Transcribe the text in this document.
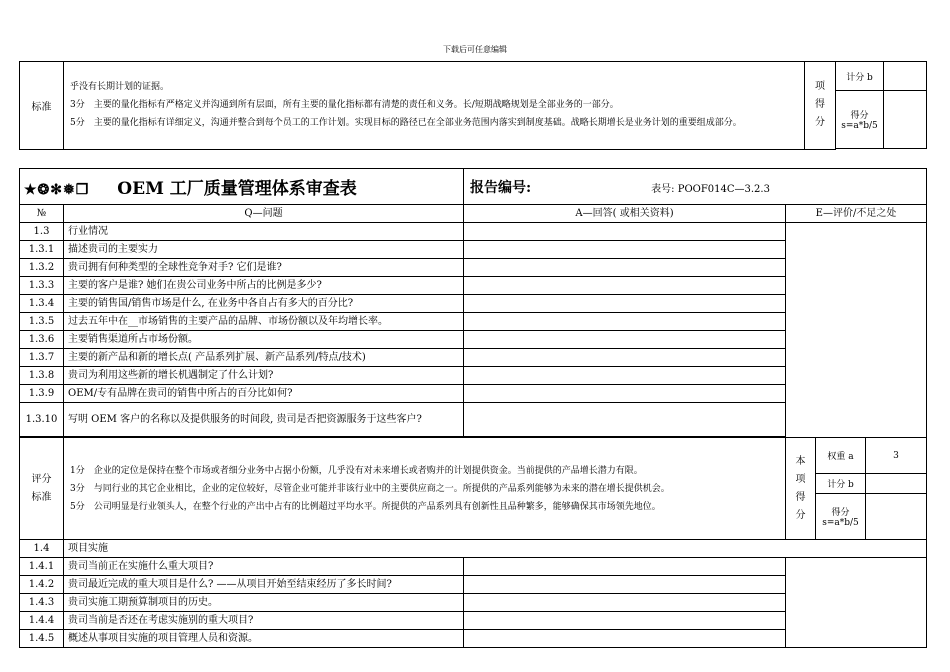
下载后可任意编辑
标准	乎没有长期计划的证据。
3分　主要的量化指标有严格定义并沟通到所有层面，所有主要的量化指标都有清楚的责任和义务。长/短期战略规划是全部业务的一部分。
5分　主要的量化指标有详细定义，沟通并整合到每个员工的工作计划。实现目标的路径已在全部业务范围内落实到制度基础。战略长期增长是业务计划的重要组成部分。	项得分	计分 b	

			得分
s=a*b/5	

★❂✻❅❒ OEM 工厂质量管理体系审查表		报告编号: 表号: POOF014C—3.2.3			
№	Q—问题	A—回答( 或相关资料)	E—评价/不足之处		
1.3	行业情况				
1.3.1	描述贵司的主要实力				
1.3.2	贵司拥有何种类型的全球性竞争对手? 它们是谁?				
1.3.3	主要的客户是谁? 她们在贵公司业务中所占的比例是多少?				
1.3.4	主要的销售国/销售市场是什么, 在业务中各自占有多大的百分比?				
1.3.5	过去五年中在__市场销售的主要产品的品牌、市场份额以及年均增长率。				
1.3.6	主要销售渠道所占市场份额。				
1.3.7	主要的新产品和新的增长点( 产品系列扩展、新产品系列/特点/技术)				
1.3.8	贵司为利用这些新的增长机遇制定了什么计划?				
1.3.9	OEM/专有品牌在贵司的销售中所占的百分比如何?				
1.3.10	写明 OEM 客户的名称以及提供服务的时间段, 贵司是否把资源服务于这些客户?				

评分标准	1分　企业的定位是保持在整个市场或者细分业务中占据小份额，几乎没有对未来增长或者购并的计划提供资金。当前提供的产品增长潜力有限。
3分　与同行业的其它企业相比，企业的定位较好，尽管企业可能并非该行业中的主要供应商之一。所提供的产品系列能够为未来的潜在增长提供机会。
5分　公司明显是行业领头人，在整个行业的产出中占有的比例超过平均水平。所提供的产品系列具有创新性且品种繁多，能够确保其市场领先地位。		本项得分	权重 a	3
				计分 b	

				得分
s=a*b/5	

1.4	项目实施				
1.4.1	贵司当前正在实施什么重大项目?				
1.4.2	贵司最近完成的重大项目是什么? ——从项目开始至结束经历了多长时间?				
1.4.3	贵司实施工期预算制项目的历史。				
1.4.4	贵司当前是否还在考虑实施别的重大项目?				
1.4.5	概述从事项目实施的项目管理人员和资源。				
